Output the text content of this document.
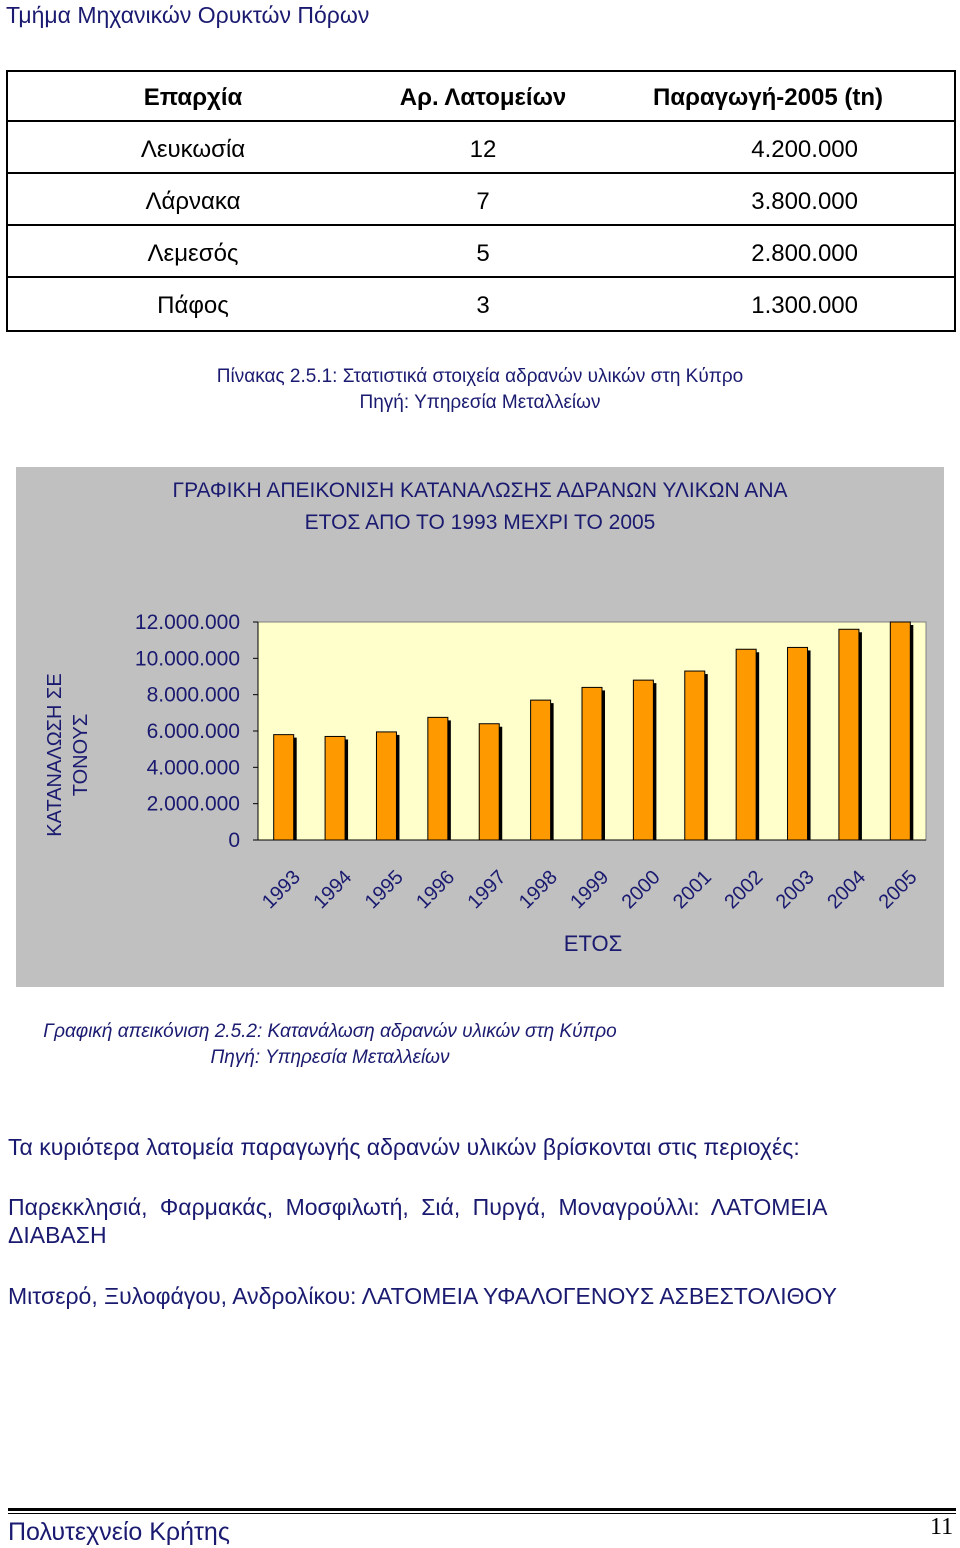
Τμήμα Μηχανικών Ορυκτών Πόρων
Επαρχία	Αρ. Λατομείων	Παραγωγή-2005 (tn)
Λευκωσία	12	4.200.000
Λάρνακα	7	3.800.000
Λεμεσός	5	2.800.000
Πάφος	3	1.300.000
Πίνακας 2.5.1: Στατιστικά στοιχεία αδρανών υλικών στη Κύπρο
Πηγή: Υπηρεσία Μεταλλείων
ΓΡΑΦΙΚΗ ΑΠΕΙΚΟΝΙΣΗ ΚΑΤΑΝΑΛΩΣΗΣ ΑΔΡΑΝΩΝ ΥΛΙΚΩΝ ΑΝΑ
ΕΤΟΣ ΑΠΟ ΤΟ 1993 ΜΕΧΡΙ ΤΟ 2005
ΚΑΤΑΝΑΛΩΣΗ ΣΕ ΤΟΝΟΥΣ
0
2.000.000
4.000.000
6.000.000
8.000.000
10.000.000
12.000.000
1993 1994 1995 1996 1997 1998 1999 2000 2001 2002 2003 2004 2005
ΕΤΟΣ
Γραφική απεικόνιση 2.5.2: Κατανάλωση αδρανών υλικών στη Κύπρο
Πηγή: Υπηρεσία Μεταλλείων
Τα κυριότερα λατομεία παραγωγής αδρανών υλικών βρίσκονται στις περιοχές:
Παρεκκλησιά, Φαρμακάς, Μοσφιλωτή, Σιά, Πυργά, Μοναγρούλλι: ΛΑΤΟΜΕΙΑ
ΔΙΑΒΑΣΗ
Μιτσερό, Ξυλοφάγου, Ανδρολίκου: ΛΑΤΟΜΕΙΑ ΥΦΑΛΟΓΕΝΟΥΣ ΑΣΒΕΣΤΟΛΙΘΟΥ
Πολυτεχνείο Κρήτης	11
